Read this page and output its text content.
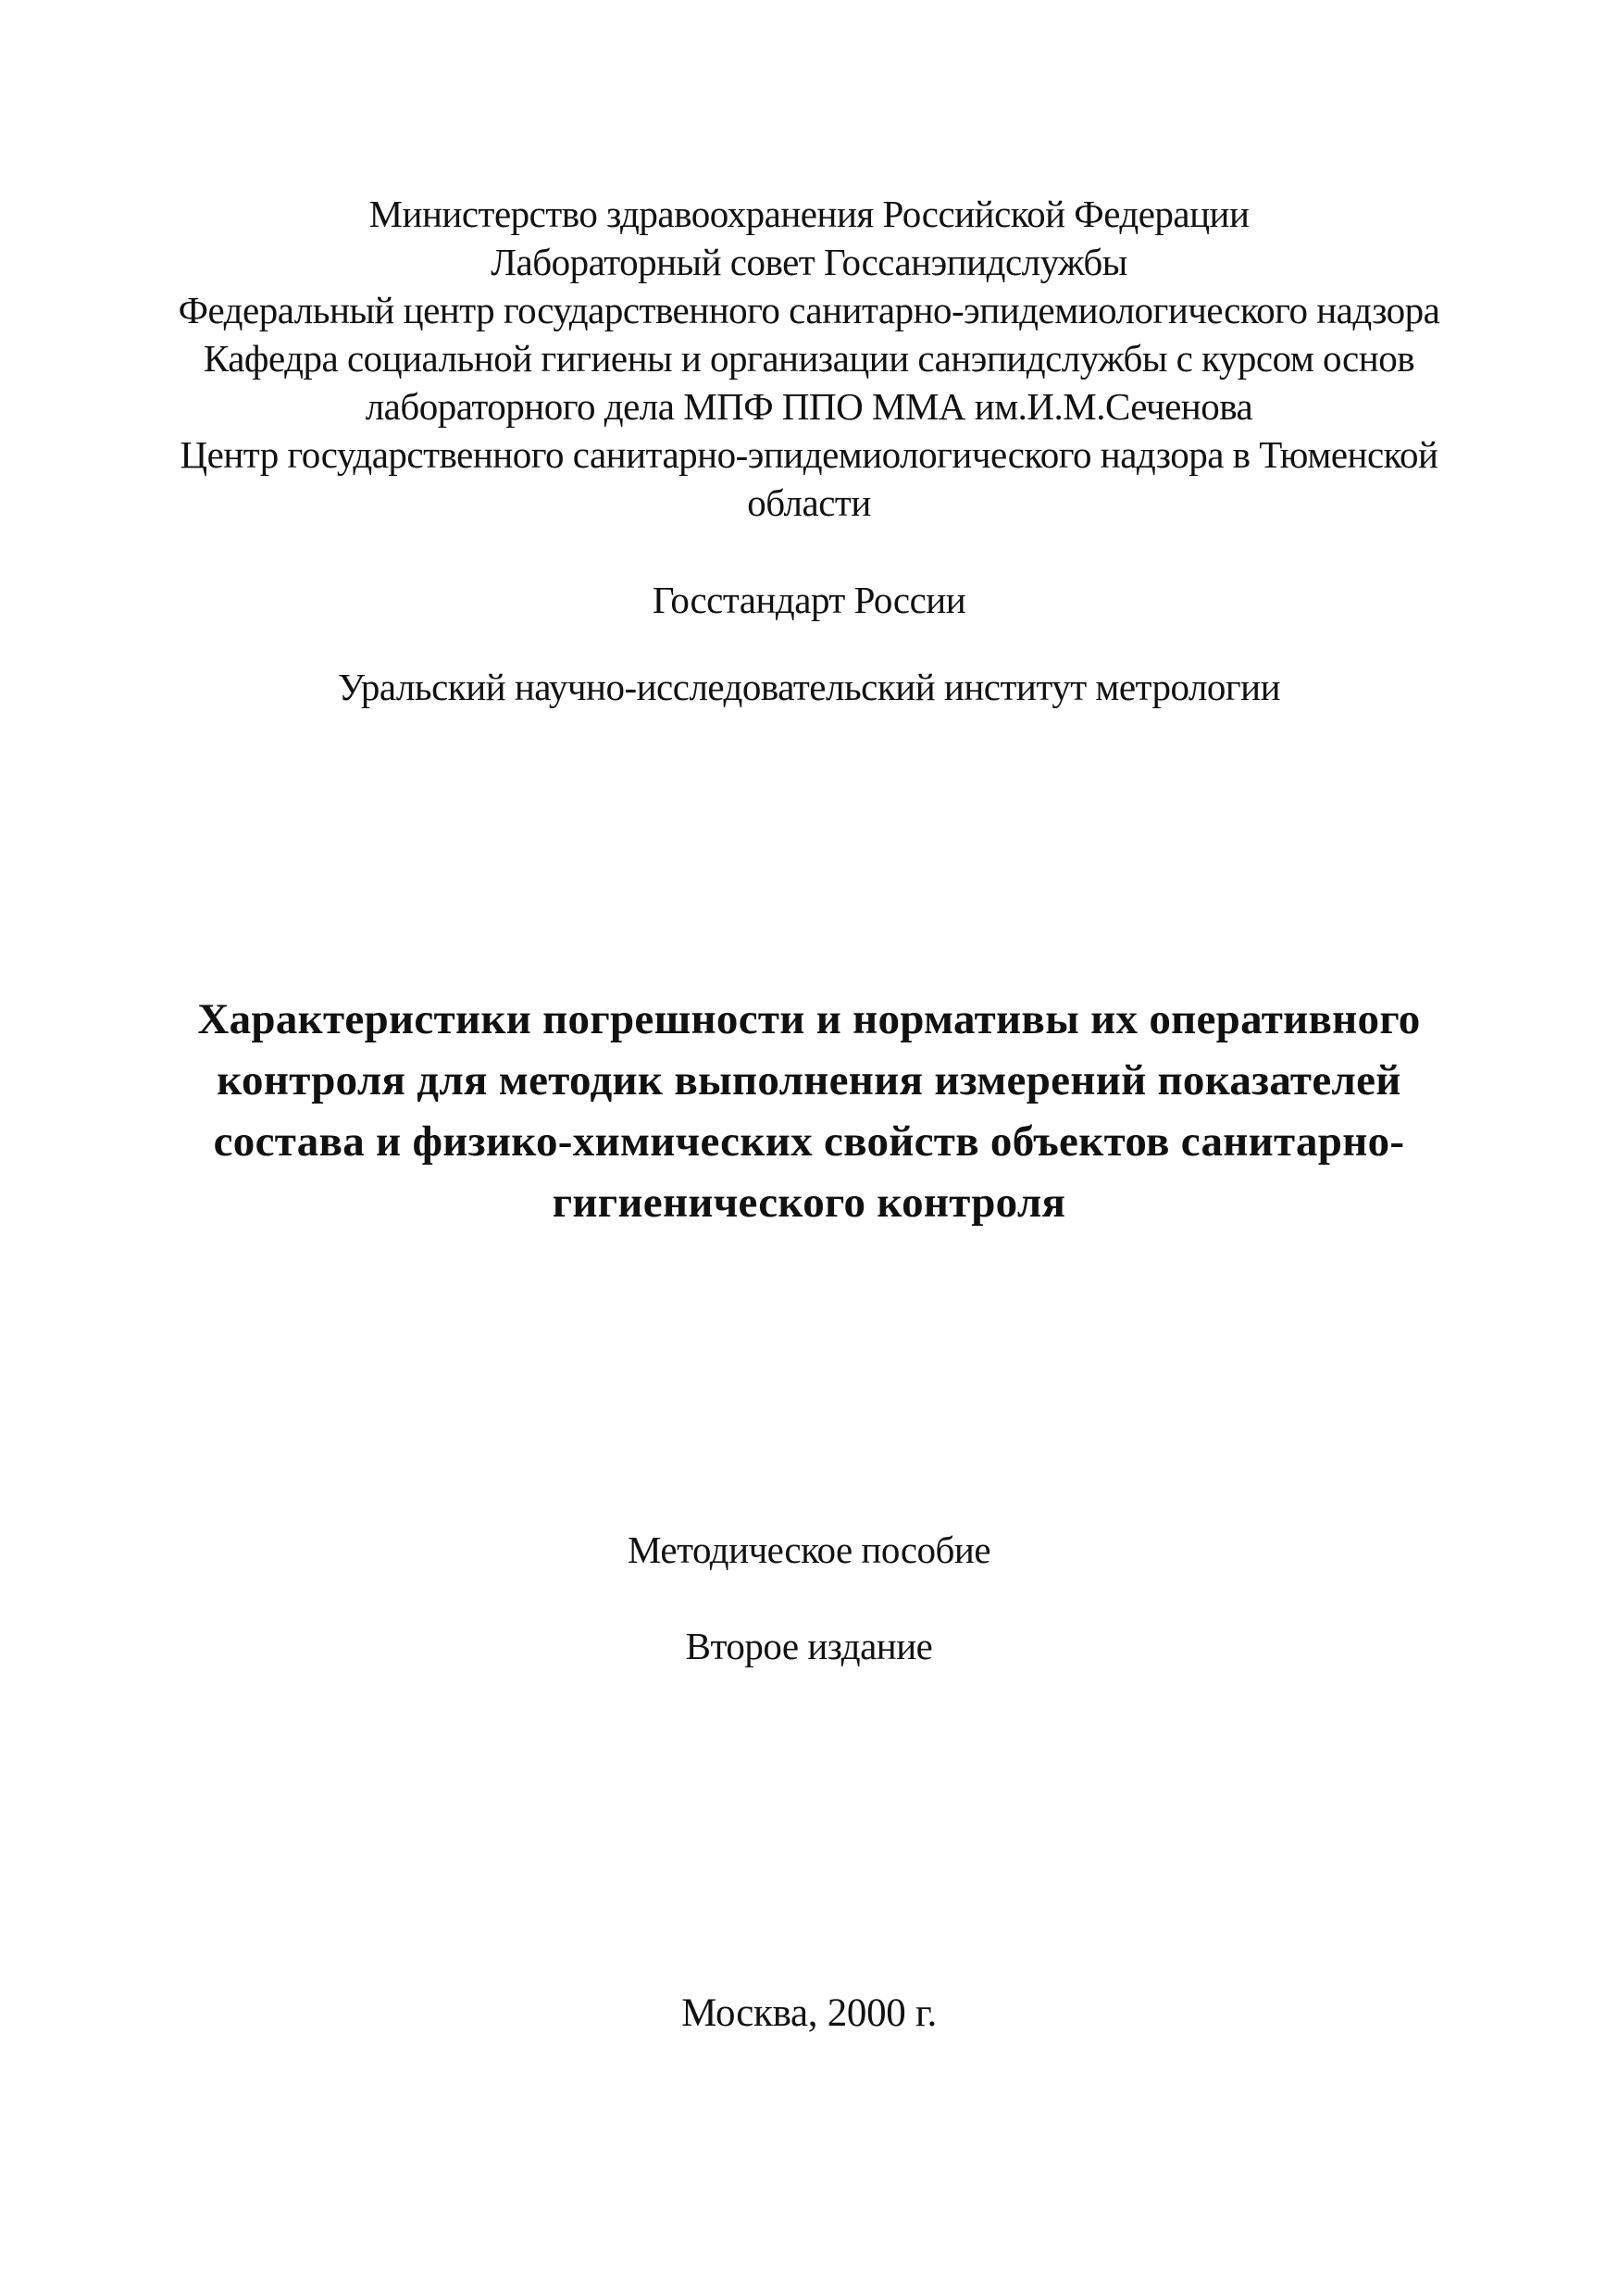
Министерство здравоохранения Российской Федерации
Лабораторный совет Госсанэпидслужбы
Федеральный центр государственного санитарно-эпидемиологического надзора
Кафедра социальной гигиены и организации санэпидслужбы с курсом основ
лабораторного дела МПФ ППО ММА им.И.М.Сеченова
Центр государственного санитарно-эпидемиологического надзора в Тюменской
области
Госстандарт России
Уральский научно-исследовательский институт метрологии
Характеристики погрешности и нормативы их оперативного
контроля для методик выполнения измерений показателей
состава и физико-химических свойств объектов санитарно-
гигиенического контроля
Методическое пособие
Второе издание
Москва, 2000 г.
